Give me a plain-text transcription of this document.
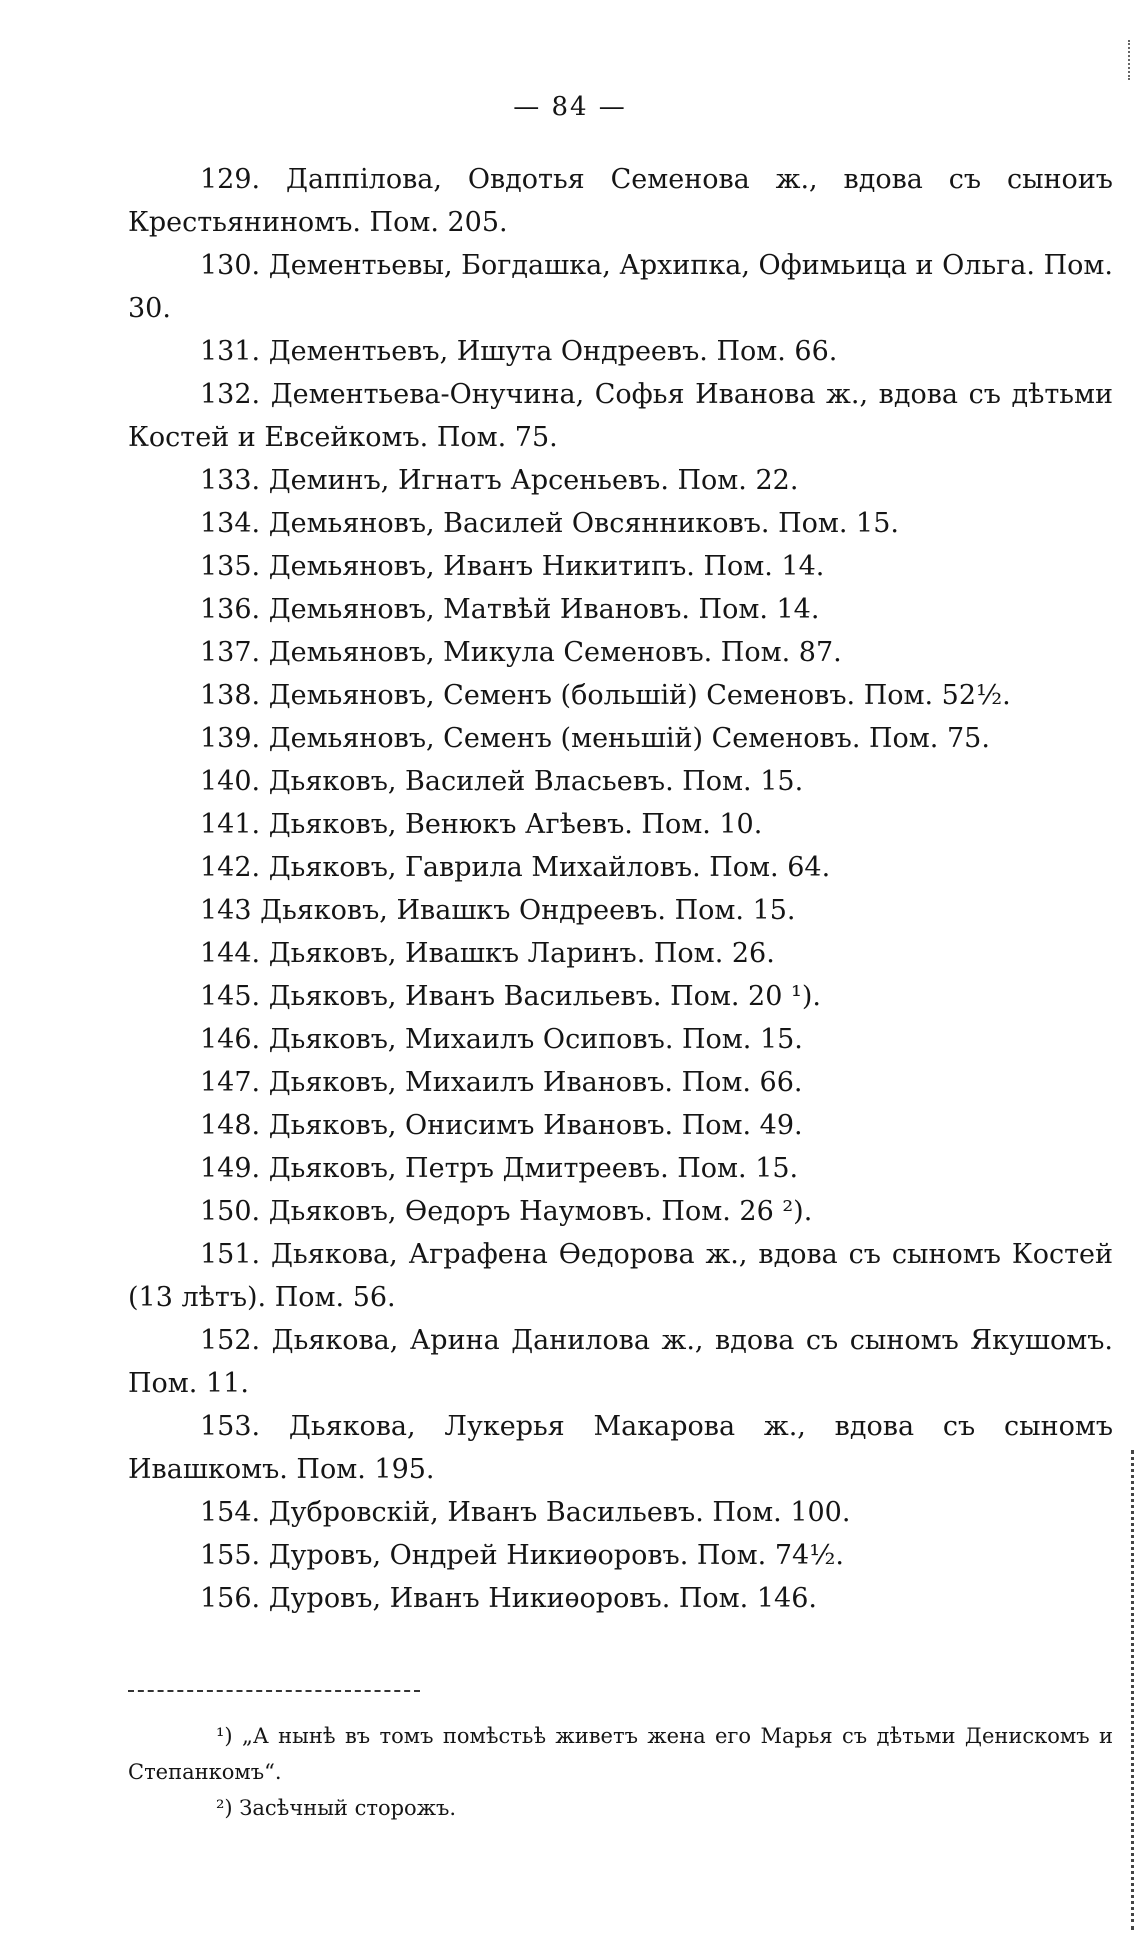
— 84 —

129. Даппілова, Овдотья Семенова ж., вдова съ сыноиъ Крестьяниномъ. Пом. 205.

130. Дементьевы, Богдашка, Архипка, Офимьица и Ольга. Пом. 30.

131. Дементьевъ, Ишута Ондреевъ. Пом. 66.

132. Дементьева-Онучина, Софья Иванова ж., вдова съ дѣтьми Костей и Евсейкомъ. Пом. 75.

133. Деминъ, Игнатъ Арсеньевъ. Пом. 22.

134. Демьяновъ, Василей Овсянниковъ. Пом. 15.

135. Демьяновъ, Иванъ Никитипъ. Пом. 14.

136. Демьяновъ, Матвѣй Ивановъ. Пом. 14.

137. Демьяновъ, Микула Семеновъ. Пом. 87.

138. Демьяновъ, Семенъ (большій) Семеновъ. Пом. 52½.

139. Демьяновъ, Семенъ (меньшій) Семеновъ. Пом. 75.

140. Дьяковъ, Василей Власьевъ. Пом. 15.

141. Дьяковъ, Венюкъ Агѣевъ. Пом. 10.

142. Дьяковъ, Гаврила Михайловъ. Пом. 64.

143 Дьяковъ, Ивашкъ Ондреевъ. Пом. 15.

144. Дьяковъ, Ивашкъ Ларинъ. Пом. 26.

145. Дьяковъ, Иванъ Васильевъ. Пом. 20 ¹).

146. Дьяковъ, Михаилъ Осиповъ. Пом. 15.

147. Дьяковъ, Михаилъ Ивановъ. Пом. 66.

148. Дьяковъ, Онисимъ Ивановъ. Пом. 49.

149. Дьяковъ, Петръ Дмитреевъ. Пом. 15.

150. Дьяковъ, Ѳедоръ Наумовъ. Пом. 26 ²).

151. Дьякова, Аграфена Ѳедорова ж., вдова съ сыномъ Костей (13 лѣтъ). Пом. 56.

152. Дьякова, Арина Данилова ж., вдова съ сыномъ Якушомъ. Пом. 11.

153. Дьякова, Лукерья Макарова ж., вдова съ сыномъ Ивашкомъ. Пом. 195.

154. Дубровскій, Иванъ Васильевъ. Пом. 100.

155. Дуровъ, Ондрей Никиѳоровъ. Пом. 74½.

156. Дуровъ, Иванъ Никиѳоровъ. Пом. 146.

¹) „А нынѣ въ томъ помѣстьѣ живетъ жена его Марья съ дѣтьми Денискомъ и Степанкомъ“.

²) Засѣчный сторожъ.
